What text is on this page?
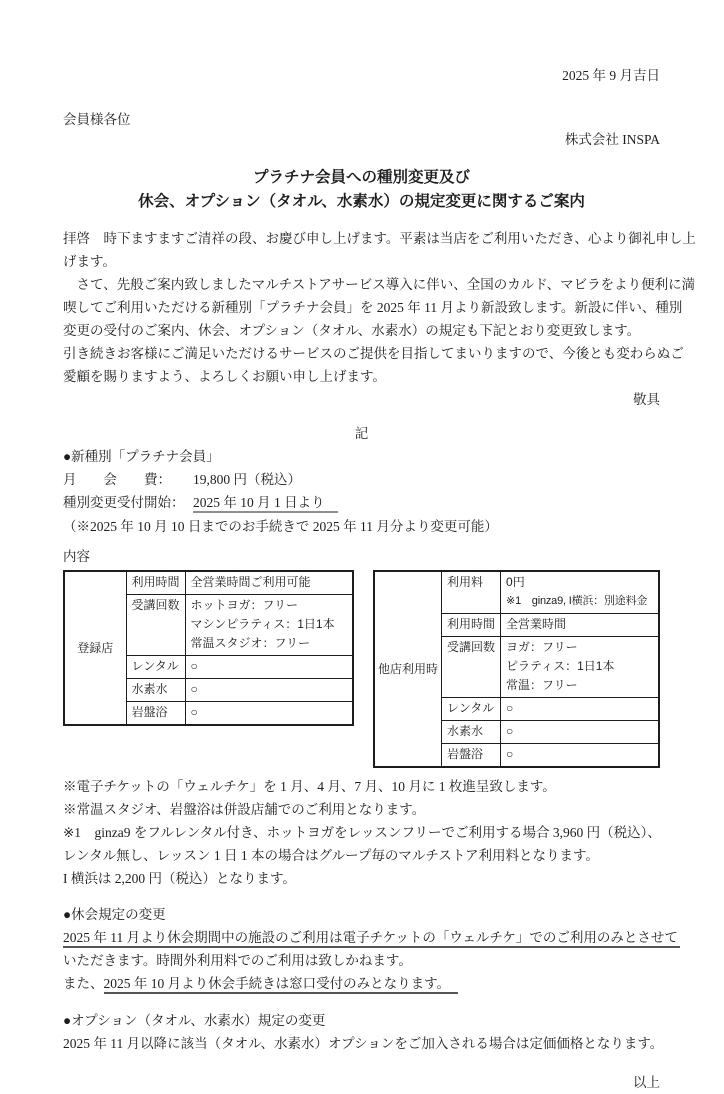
2025 年 9 月吉日
会員様各位
株式会社 INSPA
プラチナ会員への種別変更及び
休会、オプション（タオル、水素水）の規定変更に関するご案内
拝啓　時下ますますご清祥の段、お慶び申し上げます。平素は当店をご利用いただき、心より御礼申し上
げます。
　さて、先般ご案内致しましたマルチストアサービス導入に伴い、全国のカルド、マビラをより便利に満
喫してご利用いただける新種別「プラチナ会員」を 2025 年 11 月より新設致します。新設に伴い、種別
変更の受付のご案内、休会、オプション（タオル、水素水）の規定も下記とおり変更致します。
引き続きお客様にご満足いただけるサービスのご提供を目指してまいりますので、今後とも変わらぬご
愛顧を賜りますよう、よろしくお願い申し上げます。
敬具
記
●新種別「プラチナ会員」
月　　会　　費： 19,800 円（税込）
種別変更受付開始： 2025 年 10 月 1 日より
（※2025 年 10 月 10 日までのお手続きで 2025 年 11 月分より変更可能）
内容
登録店	利用時間	全営業時間ご利用可能
	受講回数	ホットヨガ：フリー
マシンピラティス：1日1本
常温スタジオ：フリー

	レンタル	○
	水素水	○
	岩盤浴	○
他店利用時	利用料	0円
※1　ginza9, I横浜：別途料金

	利用時間	全営業時間
	受講回数	ヨガ：フリー
ピラティス：1日1本
常温：フリー

	レンタル	○
	水素水	○
	岩盤浴	○
※電子チケットの「ウェルチケ」を 1 月、4 月、7 月、10 月に 1 枚進呈致します。
※常温スタジオ、岩盤浴は併設店舗でのご利用となります。
※1　ginza9 をフルレンタル付き、ホットヨガをレッスンフリーでご利用する場合 3,960 円（税込）、
レンタル無し、レッスン 1 日 1 本の場合はグループ毎のマルチストア利用料となります。
I 横浜は 2,200 円（税込）となります。
●休会規定の変更
2025 年 11 月より休会期間中の施設のご利用は電子チケットの「ウェルチケ」でのご利用のみとさせて
いただきます。時間外利用料でのご利用は致しかねます。
また、2025 年 10 月より休会手続きは窓口受付のみとなります。
●オプション（タオル、水素水）規定の変更
2025 年 11 月以降に該当（タオル、水素水）オプションをご加入される場合は定価価格となります。
以上
